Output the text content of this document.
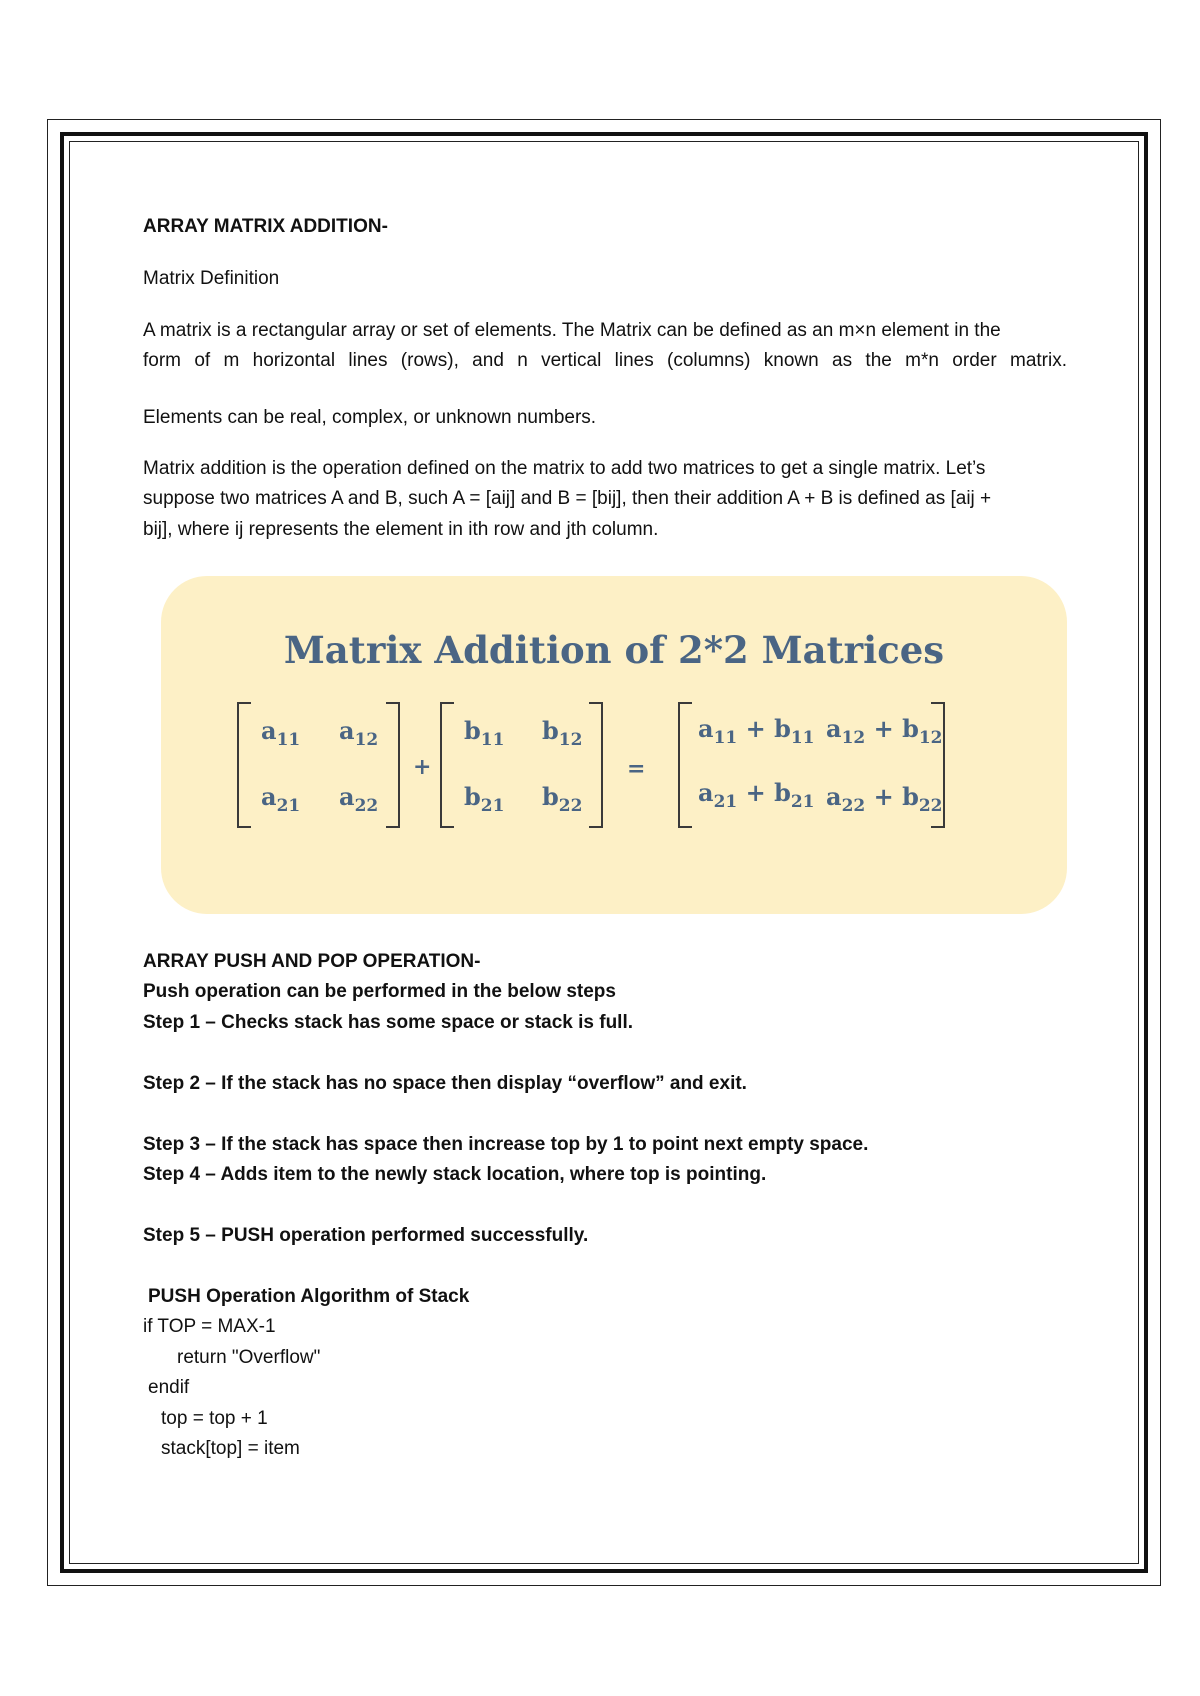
ARRAY MATRIX ADDITION-
Matrix Definition
A matrix is a rectangular array or set of elements. The Matrix can be defined as an m×n element in the
form of m horizontal lines (rows), and n vertical lines (columns) known as the m*n order matrix.
Elements can be real, complex, or unknown numbers.
Matrix addition is the operation defined on the matrix to add two matrices to get a single matrix. Let’s
suppose two matrices A and B, such A = [aij] and B = [bij], then their addition A + B is defined as [aij +
bij], where ij represents the element in ith row and jth column.
Matrix Addition of 2*2 Matrices
$a_{11}$ $a_{12}$
$a_{21}$ $a_{22}$
+
$b_{11}$ $b_{12}$
$b_{21}$ $b_{22}$
=
$a_{11} + b_{11}$ $a_{12} + b_{12}$
$a_{21} + b_{21}$ $a_{22} + b_{22}$
ARRAY PUSH AND POP OPERATION-
Push operation can be performed in the below steps
Step 1 – Checks stack has some space or stack is full.
Step 2 – If the stack has no space then display “overflow” and exit.
Step 3 – If the stack has space then increase top by 1 to point next empty space.
Step 4 – Adds item to the newly stack location, where top is pointing.
Step 5 – PUSH operation performed successfully.
PUSH Operation Algorithm of Stack
if TOP = MAX-1
return "Overflow"
endif
top = top + 1
stack[top] = item
